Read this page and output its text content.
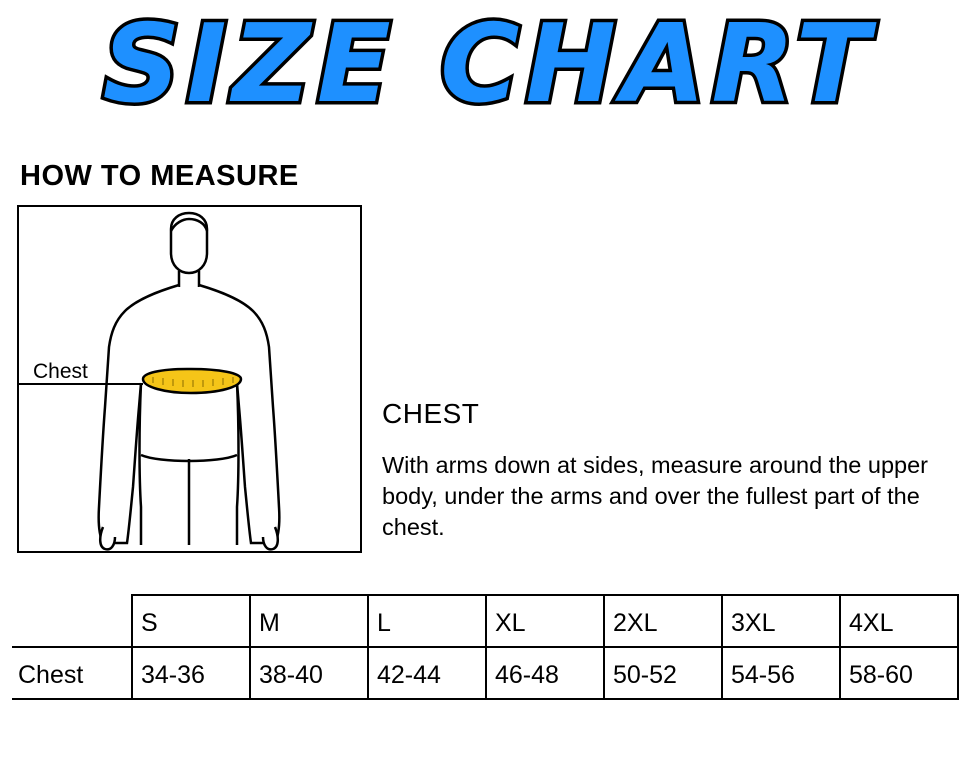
SIZE CHART
HOW TO MEASURE
Chest
CHEST
With arms down at sides, measure around the upper body, under the arms and over the fullest part of the chest.
	S	M	L	XL	2XL	3XL	4XL
Chest	34-36	38-40	42-44	46-48	50-52	54-56	58-60
